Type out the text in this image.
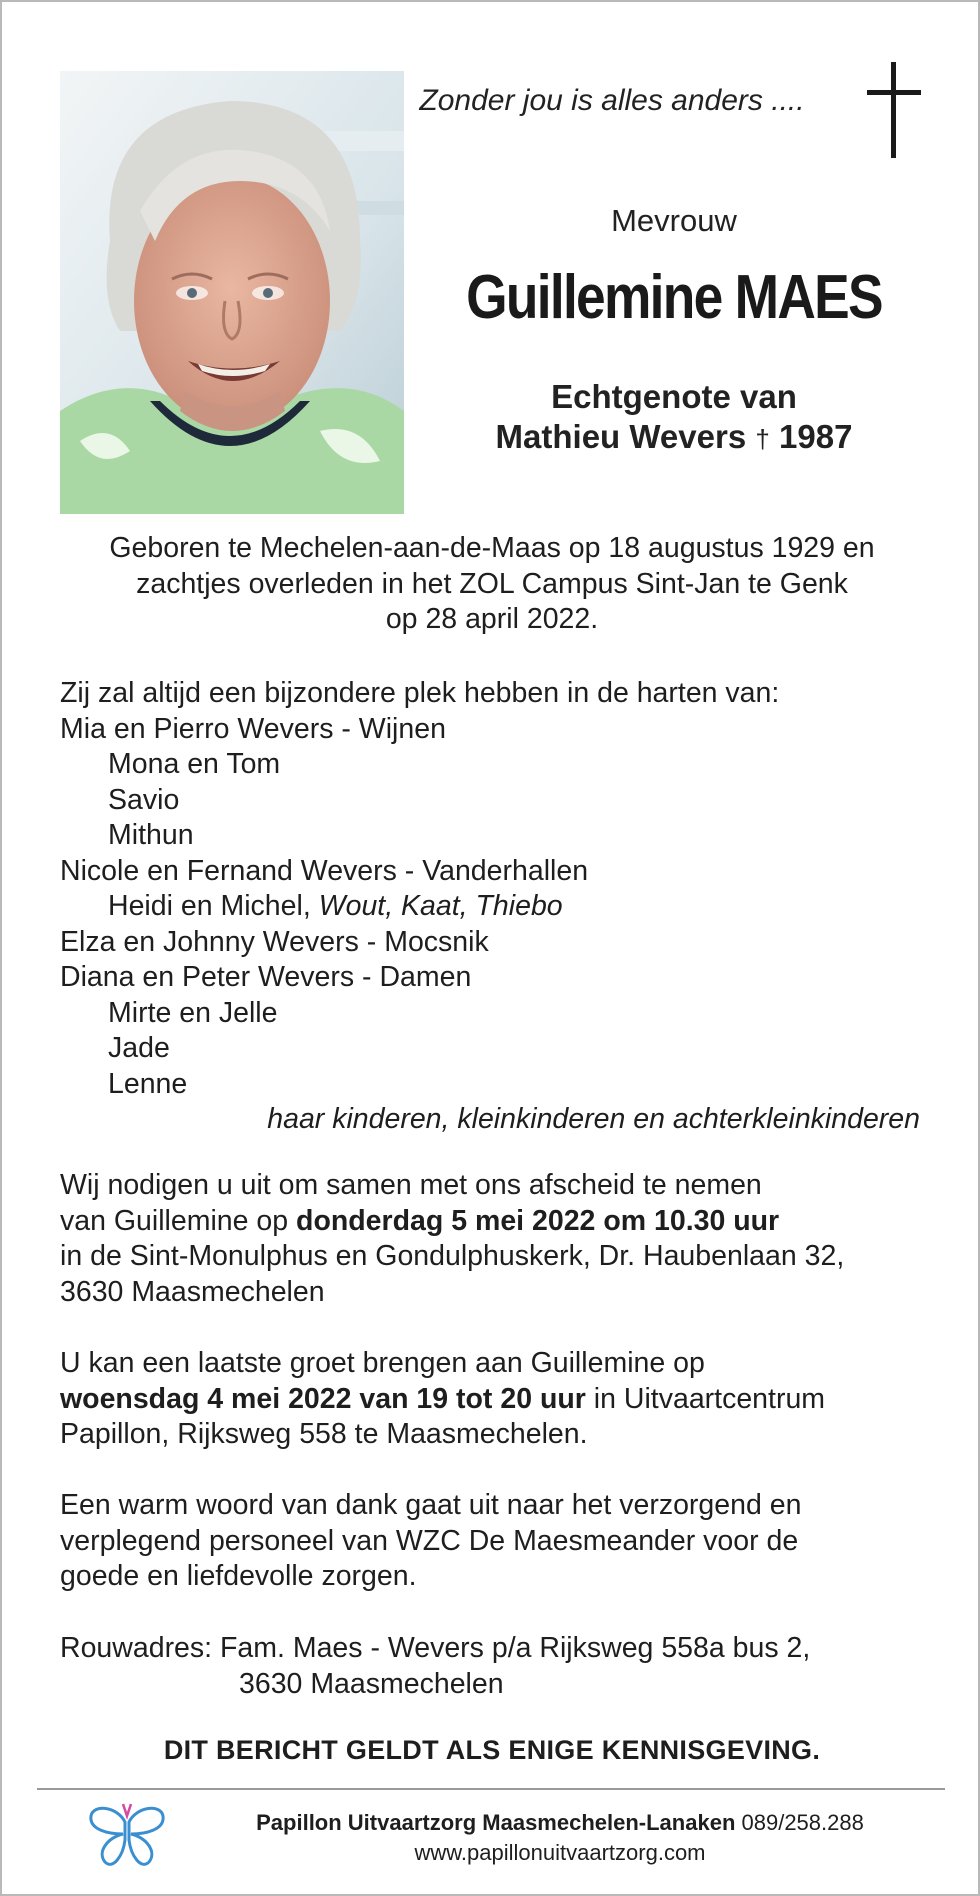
Zonder jou is alles anders ....
Mevrouw
Guillemine MAES
Echtgenote van
Mathieu Wevers † 1987
Geboren te Mechelen-aan-de-Maas op 18 augustus 1929 en
zachtjes overleden in het ZOL Campus Sint-Jan te Genk
op 28 april 2022.
Zij zal altijd een bijzondere plek hebben in de harten van:
Mia en Pierro Wevers - Wijnen
Mona en Tom
Savio
Mithun
Nicole en Fernand Wevers - Vanderhallen
Heidi en Michel, Wout, Kaat, Thiebo
Elza en Johnny Wevers - Mocsnik
Diana en Peter Wevers - Damen
Mirte en Jelle
Jade
Lenne
haar kinderen, kleinkinderen en achterkleinkinderen
Wij nodigen u uit om samen met ons afscheid te nemen
van Guillemine op donderdag 5 mei 2022 om 10.30 uur
in de Sint-Monulphus en Gondulphuskerk, Dr. Haubenlaan 32,
3630 Maasmechelen
U kan een laatste groet brengen aan Guillemine op
woensdag 4 mei 2022 van 19 tot 20 uur in Uitvaartcentrum
Papillon, Rijksweg 558 te Maasmechelen.
Een warm woord van dank gaat uit naar het verzorgend en
verplegend personeel van WZC De Maesmeander voor de
goede en liefdevolle zorgen.
Rouwadres: Fam. Maes - Wevers p/a Rijksweg 558a bus 2,
3630 Maasmechelen
DIT BERICHT GELDT ALS ENIGE KENNISGEVING.
Papillon Uitvaartzorg Maasmechelen-Lanaken 089/258.288
www.papillonuitvaartzorg.com
